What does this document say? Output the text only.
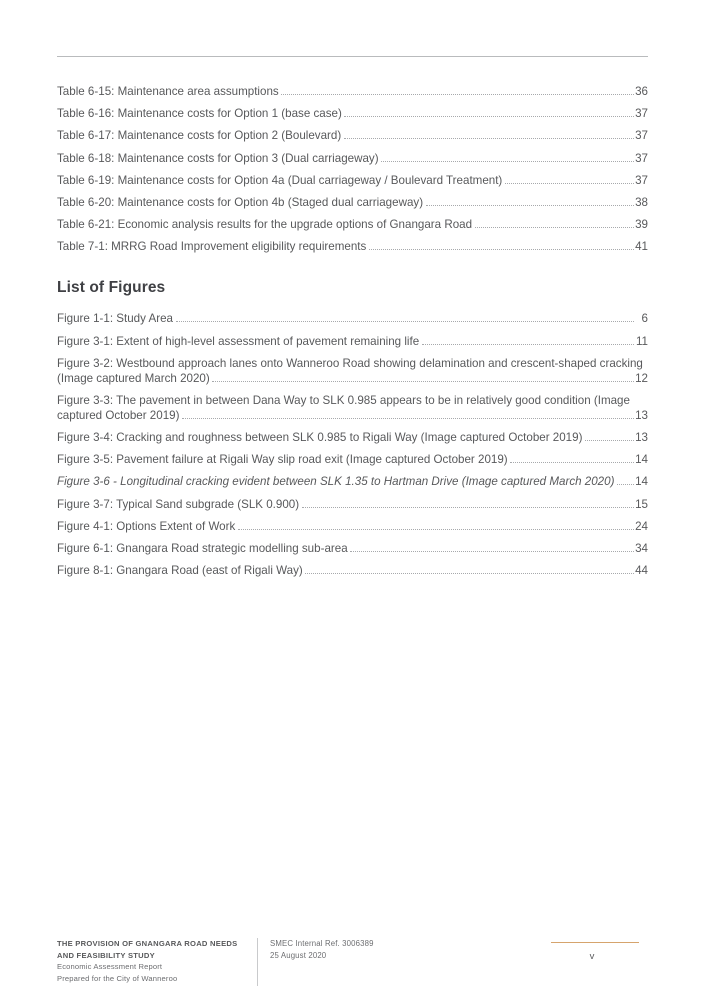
Table 6-15: Maintenance area assumptions	36
Table 6-16: Maintenance costs for Option 1 (base case)	37
Table 6-17: Maintenance costs for Option 2 (Boulevard)	37
Table 6-18: Maintenance costs for Option 3 (Dual carriageway)	37
Table 6-19: Maintenance costs for Option 4a (Dual carriageway / Boulevard Treatment)	37
Table 6-20: Maintenance costs for Option 4b (Staged dual carriageway)	38
Table 6-21: Economic analysis results for the upgrade options of Gnangara Road	39
Table 7-1: MRRG Road Improvement eligibility requirements	41
List of Figures
Figure 1-1: Study Area	6
Figure 3-1: Extent of high-level assessment of pavement remaining life	11
Figure 3-2: Westbound approach lanes onto Wanneroo Road showing delamination and crescent-shaped cracking
(Image captured March 2020)	12
Figure 3-3: The pavement in between Dana Way to SLK 0.985 appears to be in relatively good condition (Image
captured October 2019)	13
Figure 3-4: Cracking and roughness between SLK 0.985 to Rigali Way (Image captured October 2019)	13
Figure 3-5: Pavement failure at Rigali Way slip road exit (Image captured October 2019)	14
Figure 3-6 - Longitudinal cracking evident between SLK 1.35 to Hartman Drive (Image captured March 2020) 14
Figure 3-7: Typical Sand subgrade (SLK 0.900)	15
Figure 4-1: Options Extent of Work	24
Figure 6-1: Gnangara Road strategic modelling sub-area	34
Figure 8-1: Gnangara Road (east of Rigali Way)	44
THE PROVISION OF GNANGARA ROAD NEEDS AND FEASIBILITY STUDY
Economic Assessment Report
Prepared for the City of Wanneroo
SMEC Internal Ref. 3006389
25 August 2020	v
